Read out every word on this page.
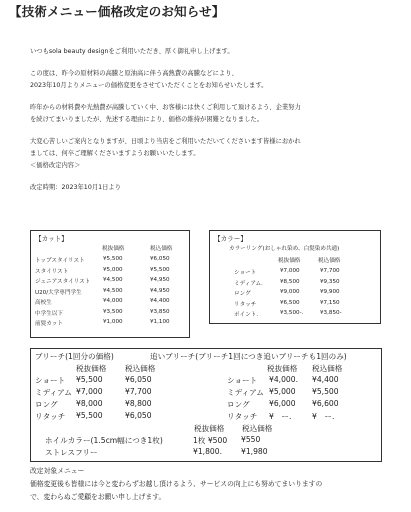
【技術メニュー価格改定のお知らせ】
いつもsola beauty designをご利用いただき、厚く御礼申し上げます。
この度は、昨今の原材料の高騰と原油高に伴う高熱費の高騰などにより、
2023年10月よりメニューの価格変更をさせていただくことをお知らせいたします。
昨年からの材料費や光熱費が高騰していく中、お客様には快くご利用して頂けるよう、企業努力
を続けてまいりましたが、先述する理由により、価格の維持が困難となりました。
大変心苦しいご案内となりますが、日頃より当店をご利用いただいてくださいます皆様におかれ
ましては、何卒ご理解くださいますようお願いいたします。
＜価格改定内容＞
改定時期：2023年10月1日より
【カット】
税抜価格	税込価格
トップスタイリスト	¥5,500	¥6,050
スタイリスト	¥5,000	¥5,500
ジュニアスタイリスト ¥4,500	¥4,950
U20/大学専門学生	¥4,500	¥4,950
高校生	¥4,000	¥4,400
中学生以下	¥3,500	¥3,850
前髪カット	¥1,000	¥1,100
【カラー】
カラーリング(おしゃれ染め、白髪染め共通)
税抜価格	税込価格
ショート	¥7,000	¥7,700
ミディアム.	¥8,500	¥9,350
ロング	¥9,000	¥9,900
リタッチ	¥6,500	¥7,150
ポイント.	¥3,500-.	¥3,850-
ブリーチ(1回分の価格)	追いブリーチ(ブリーチ1回につき追いブリーチも1回のみ)
税抜価格 税込価格	税抜価格 税込価格
ショート ¥5,500	¥6,050
ミディアム ¥7,000	¥7,700
ロング ¥8,000	¥8,800
リタッチ ¥5,500	¥6,050
ショート ¥4,000. ¥4,400
ミディアム ¥5,000 ¥5,500
ロング	¥6,000 ¥6,600
リタッチ ¥　ー.	¥　ー.
税抜価格 税込価格
ホイルカラー(1.5cm幅につき1枚)	1枚 ¥500 ¥550
ストレスフリー	¥1,800.	¥1,980
改定対象メニュー
価格変更後も皆様には今と変わらずお越し頂けるよう、サービスの向上にも努めてまいりますの
で、変わらぬご愛顧をお願い申し上げます。
